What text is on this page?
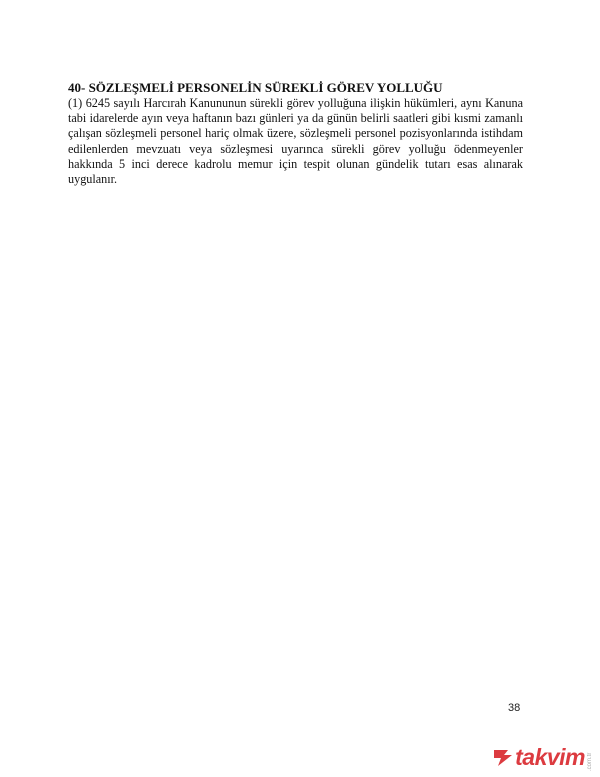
40- SÖZLEŞMELİ PERSONELİN SÜREKLİ GÖREV YOLLUĞU

(1) 6245 sayılı Harcırah Kanununun sürekli görev yolluğuna ilişkin hükümleri, aynı Kanuna tabi idarelerde ayın veya haftanın bazı günleri ya da günün belirli saatleri gibi kısmi zamanlı çalışan sözleşmeli personel hariç olmak üzere, sözleşmeli personel pozisyonlarında istihdam edilenlerden mevzuatı veya sözleşmesi uyarınca sürekli görev yolluğu ödenmeyenler hakkında 5 inci derece kadrolu memur için tespit olunan gündelik tutarı esas alınarak uygulanır.

38
takvim .com.tr
